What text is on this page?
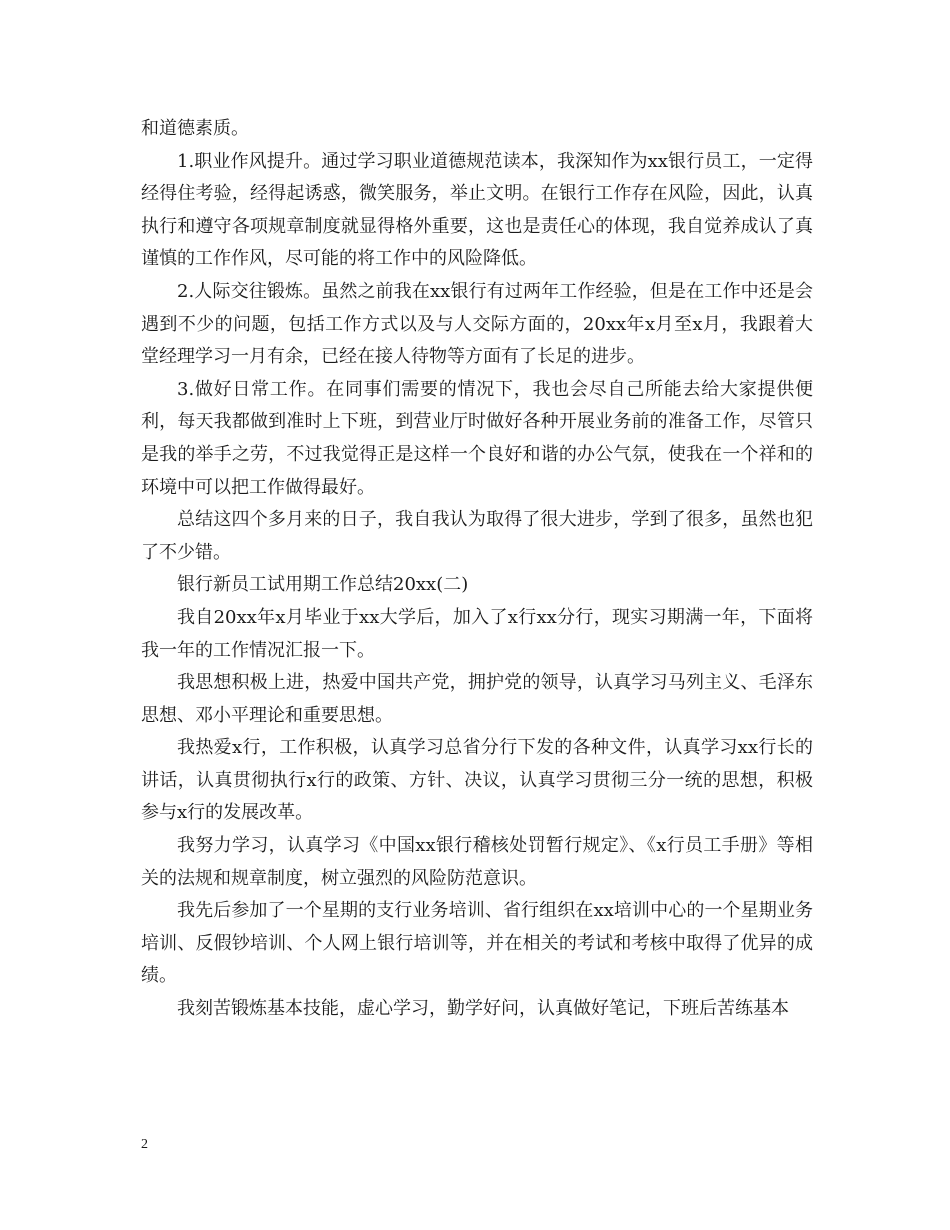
和道德素质。

1.职业作风提升。通过学习职业道德规范读本，我深知作为xx银行员工，一定得经得住考验，经得起诱惑，微笑服务，举止文明。在银行工作存在风险，因此，认真执行和遵守各项规章制度就显得格外重要，这也是责任心的体现，我自觉养成认了真谨慎的工作作风，尽可能的将工作中的风险降低。

2.人际交往锻炼。虽然之前我在xx银行有过两年工作经验，但是在工作中还是会遇到不少的问题，包括工作方式以及与人交际方面的，20xx年x月至x月，我跟着大堂经理学习一月有余，已经在接人待物等方面有了长足的进步。

3.做好日常工作。在同事们需要的情况下，我也会尽自己所能去给大家提供便利，每天我都做到准时上下班，到营业厅时做好各种开展业务前的准备工作，尽管只是我的举手之劳，不过我觉得正是这样一个良好和谐的办公气氛，使我在一个祥和的环境中可以把工作做得最好。

总结这四个多月来的日子，我自我认为取得了很大进步，学到了很多，虽然也犯了不少错。

银行新员工试用期工作总结20xx(二)

我自20xx年x月毕业于xx大学后，加入了x行xx分行，现实习期满一年，下面将我一年的工作情况汇报一下。

我思想积极上进，热爱中国共产党，拥护党的领导，认真学习马列主义、毛泽东思想、邓小平理论和重要思想。

我热爱x行，工作积极，认真学习总省分行下发的各种文件，认真学习xx行长的讲话，认真贯彻执行x行的政策、方针、决议，认真学习贯彻三分一统的思想，积极参与x行的发展改革。

我努力学习，认真学习《中国xx银行稽核处罚暂行规定》、《x行员工手册》等相关的法规和规章制度，树立强烈的风险防范意识。

我先后参加了一个星期的支行业务培训、省行组织在xx培训中心的一个星期业务培训、反假钞培训、个人网上银行培训等，并在相关的考试和考核中取得了优异的成绩。

我刻苦锻炼基本技能，虚心学习，勤学好问，认真做好笔记，下班后苦练基本

2
